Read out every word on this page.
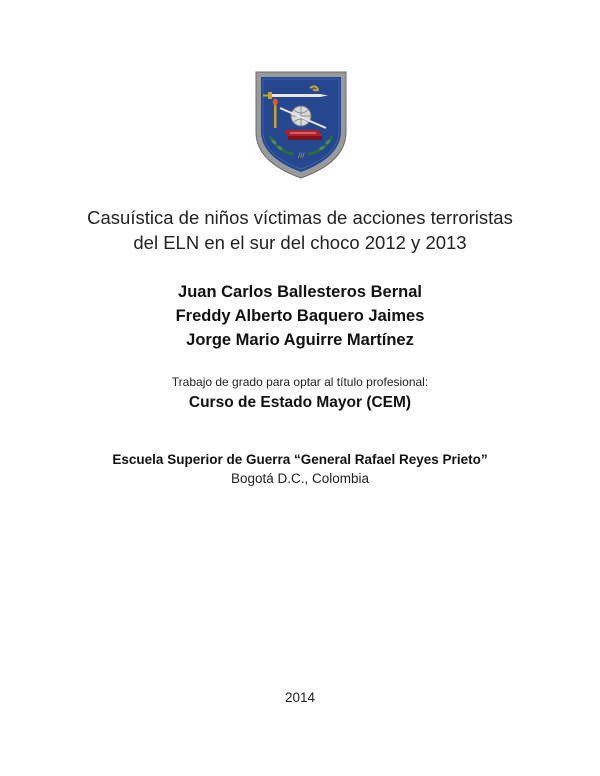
///
Casuística de niños víctimas de acciones terroristas
del ELN en el sur del choco 2012 y 2013
Juan Carlos Ballesteros Bernal
Freddy Alberto Baquero Jaimes
Jorge Mario Aguirre Martínez
Trabajo de grado para optar al título profesional:
Curso de Estado Mayor (CEM)
Escuela Superior de Guerra “General Rafael Reyes Prieto”
Bogotá D.C., Colombia
2014
